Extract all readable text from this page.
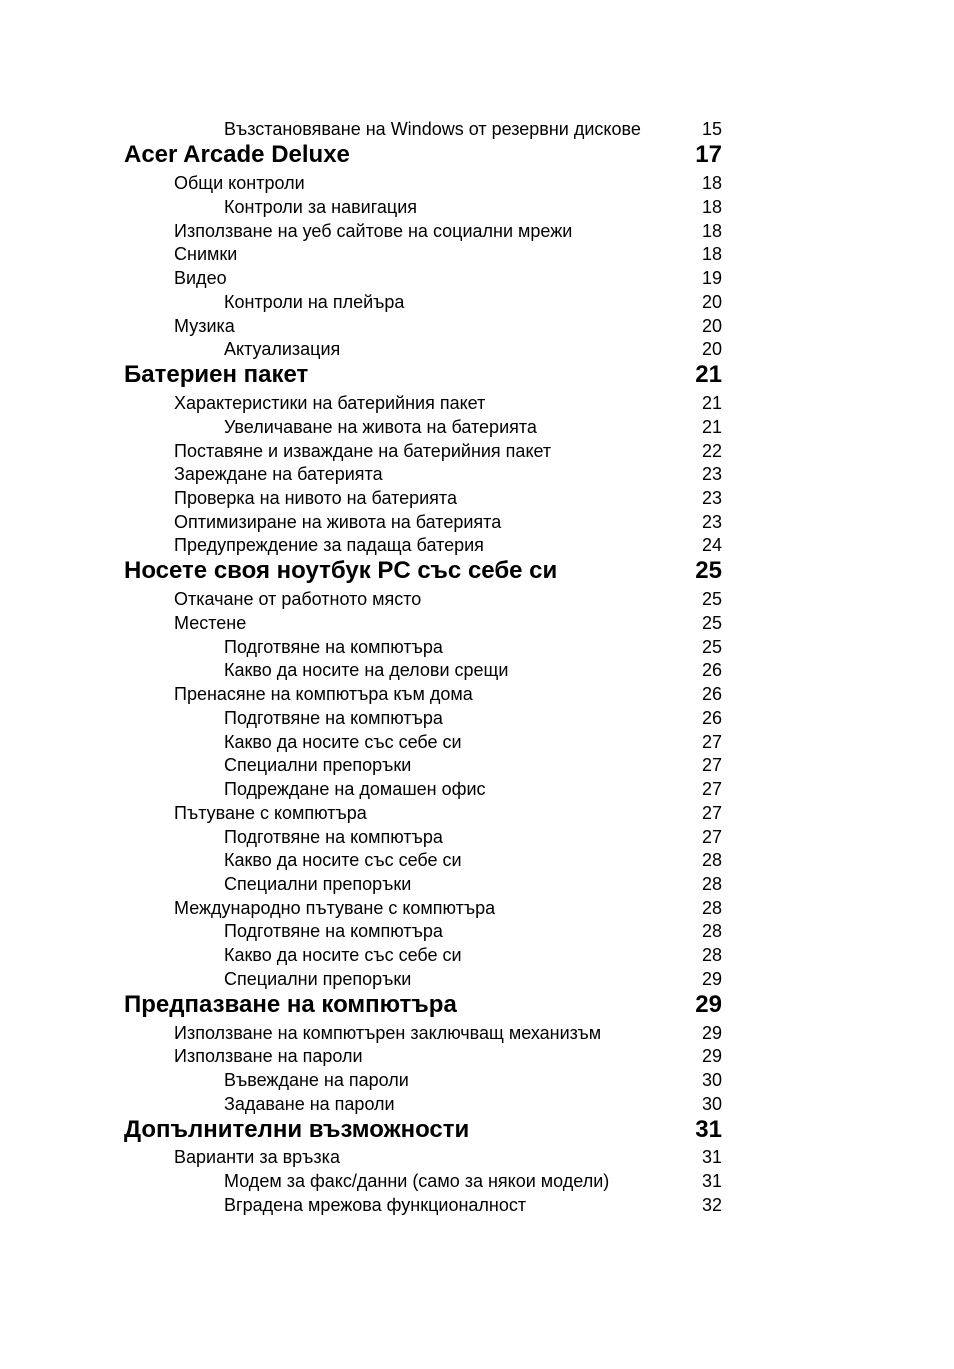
Възстановяване на Windows от резервни дискове	15
Acer Arcade Deluxe	17
Общи контроли	18
Контроли за навигация	18
Използване на уеб сайтове на социални мрежи	18
Снимки	18
Видео	19
Контроли на плейъра	20
Музика	20
Актуализация	20
Батериен пакет	21
Характеристики на батерийния пакет	21
Увеличаване на живота на батерията	21
Поставяне и изваждане на батерийния пакет	22
Зареждане на батерията	23
Проверка на нивото на батерията	23
Оптимизиране на живота на батерията	23
Предупреждение за падаща батерия	24
Носете своя ноутбук PC със себе си	25
Откачане от работното място	25
Местене	25
Подготвяне на компютъра	25
Какво да носите на делови срещи	26
Пренасяне на компютъра към дома	26
Подготвяне на компютъра	26
Какво да носите със себе си	27
Специални препоръки	27
Подреждане на домашен офис	27
Пътуване с компютъра	27
Подготвяне на компютъра	27
Какво да носите със себе си	28
Специални препоръки	28
Международно пътуване с компютъра	28
Подготвяне на компютъра	28
Какво да носите със себе си	28
Специални препоръки	29
Предпазване на компютъра	29
Използване на компютърен заключващ механизъм	29
Използване на пароли	29
Въвеждане на пароли	30
Задаване на пароли	30
Допълнителни възможности	31
Варианти за връзка	31
Модем за факс/данни (само за някои модели)	31
Вградена мрежова функционалност	32
